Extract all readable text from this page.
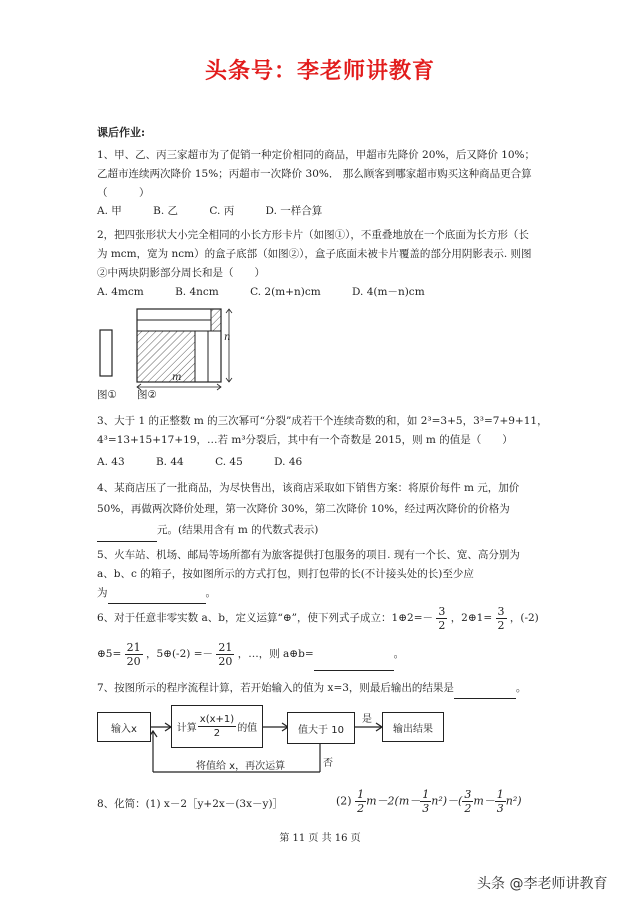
头条号：李老师讲教育
课后作业:
1、甲、乙、丙三家超市为了促销一种定价相同的商品，甲超市先降价 20%，后又降价 10%；
乙超市连续两次降价 15%；丙超市一次降价 30%． 那么顾客到哪家超市购买这种商品更合算
（　　　）
A. 甲	B. 乙	C. 丙	D. 一样合算
2，把四张形状大小完全相同的小长方形卡片（如图①），不重叠地放在一个底面为长方形（长
为 mcm，宽为 ncm）的盒子底部（如图②），盒子底面未被卡片覆盖的部分用阴影表示. 则图
②中两块阴影部分周长和是（　　）
A. 4mcm	B. 4ncm	C. 2(m+n)cm	D. 4(m－n)cm
n
m
图① 图②
3、大于 1 的正整数 m 的三次幂可“分裂”成若干个连续奇数的和，如 2³=3+5，3³=7+9+11，
4³=13+15+17+19，…若 m³分裂后，其中有一个奇数是 2015，则 m 的值是（　　）
A. 43	B. 44	C. 45	D. 46
4、某商店压了一批商品，为尽快售出，该商店采取如下销售方案：将原价每件 m 元，加价
50%，再做两次降价处理，第一次降价 30%，第二次降价 10%，经过两次降价的价格为
元。(结果用含有 m 的代数式表示)
5、火车站、机场、邮局等场所都有为旅客提供打包服务的项目. 现有一个长、宽、高分别为
a、b、c 的箱子，按如图所示的方式打包，则打包带的长(不计接头处的长)至少应
为	。
6、对于任意非零实数 a、b，定义运算“⊕”，使下列式子成立：1⊕2=－ $\frac{3}{2}$ ，2⊕1= $\frac{3}{2}$ ，(-2)
⊕5= $\frac{21}{20}$ ，5⊕(-2) =－ $\frac{21}{20}$ ，…，则 a⊕b=	。
7、按图所示的程序流程计算，若开始输入的值为 x=3，则最后输出的结果是	。
输入x	计算 $\frac{x(x+1)}{2}$ 的值	值大于 10	输出结果
是
否
将值给 x，再次运算
8、化简：(1) x－2［y+2x－(3x－y)］	$(2) \frac{1}{2} m-2(m- \frac{1}{3} n^2)-( \frac{3}{2} m- \frac{1}{3} n^2)$
第 11 页 共 16 页
头条 @李老师讲教育
